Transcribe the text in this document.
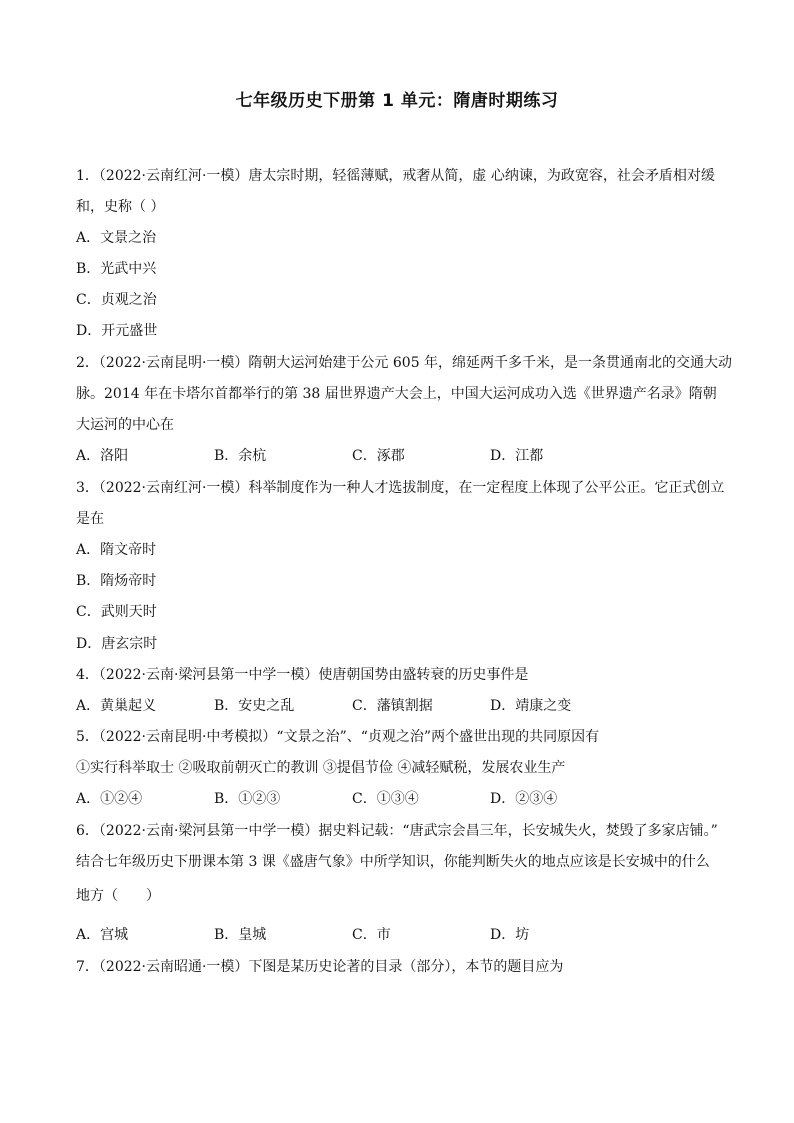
七年级历史下册第 1 单元：隋唐时期练习
1．（2022·云南红河·一模）唐太宗时期，轻徭薄赋，戒奢从简，虚 心纳谏，为政宽容，社会矛盾相对缓
和，史称（ ）
A．文景之治
B．光武中兴
C．贞观之治
D．开元盛世
2．（2022·云南昆明·一模）隋朝大运河始建于公元 605 年，绵延两千多千米，是一条贯通南北的交通大动
脉。2014 年在卡塔尔首都举行的第 38 届世界遗产大会上，中国大运河成功入选《世界遗产名录》隋朝
大运河的中心在
A．洛阳	B．余杭	C．涿郡	D．江都
3．（2022·云南红河·一模）科举制度作为一种人才选拔制度，在一定程度上体现了公平公正。它正式创立
是在
A．隋文帝时
B．隋炀帝时
C．武则天时
D．唐玄宗时
4．（2022·云南·梁河县第一中学一模）使唐朝国势由盛转衰的历史事件是
A．黄巢起义	B．安史之乱	C．藩镇割据	D．靖康之变
5．（2022·云南昆明·中考模拟）“文景之治”、“贞观之治”两个盛世出现的共同原因有
①实行科举取士 ②吸取前朝灭亡的教训 ③提倡节俭 ④减轻赋税，发展农业生产
A．①②④	B．①②③	C．①③④	D．②③④
6．（2022·云南·梁河县第一中学一模）据史料记载：“唐武宗会昌三年，长安城失火，焚毁了多家店铺。”
结合七年级历史下册课本第 3 课《盛唐气象》中所学知识，你能判断失火的地点应该是长安城中的什么
地方（　　）
A．宫城	B．皇城	C．市	D．坊
7．（2022·云南昭通·一模）下图是某历史论著的目录（部分），本节的题目应为
